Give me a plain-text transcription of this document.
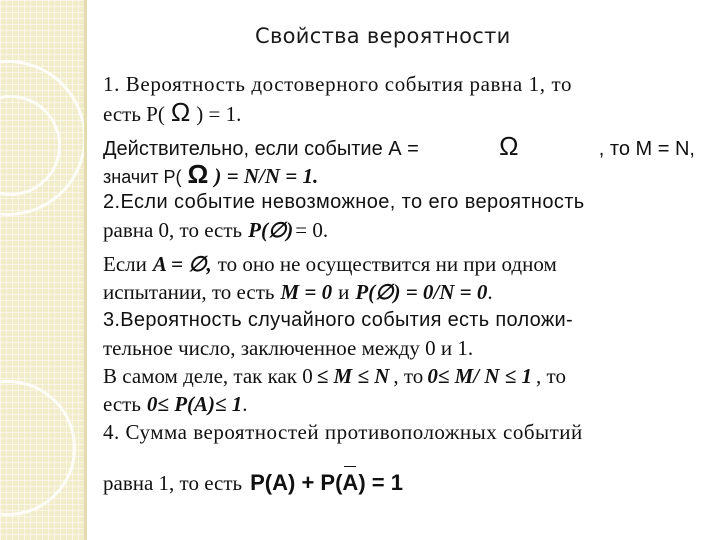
Свойства вероятности
1. Вероятность достоверного события равна 1, то
есть P( Ω ) = 1.
Действительно, если событие А =	Ω	, то М = N,
значит P( Ω ) = N/N = 1.
2.Если событие невозможное, то его вероятность
равна 0, то есть P(∅) = 0.
Если A = ∅, то оно не осуществится ни при одном
испытании, то есть M = 0 и P(∅) = 0/N = 0 .
3.Вероятность случайного события есть положи-
тельное число, заключенное между 0 и 1.
В самом деле, так как 0 ≤ M ≤ N , то 0≤ M/ N ≤ 1 , то
есть 0≤ P(A)≤ 1 .
4. Сумма вероятностей противоположных событий
равна 1, то есть P(A) + P(A) = 1
